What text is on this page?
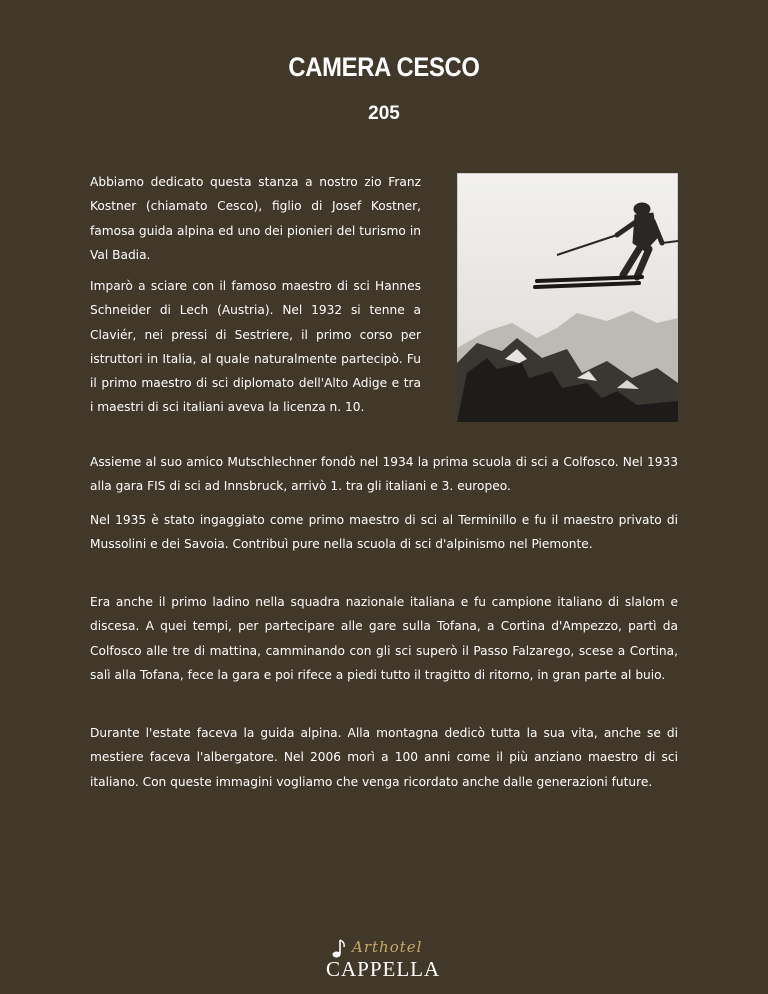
CAMERA CESCO
205

Abbiamo dedicato questa stanza a nostro zio Franz Kostner (chiamato Cesco), figlio di Josef Kostner, famosa guida alpina ed uno dei pionieri del turismo in Val Badia.

Imparò a sciare con il famoso maestro di sci Hannes Schneider di Lech (Austria). Nel 1932 si tenne a Claviér, nei pressi di Sestriere, il primo corso per istruttori in Italia, al quale naturalmente partecipò. Fu il primo maestro di sci diplomato dell'Alto Adige e tra i maestri di sci italiani aveva la licenza n. 10.

Assieme al suo amico Mutschlechner fondò nel 1934 la prima scuola di sci a Colfosco. Nel 1933 alla gara FIS di sci ad Innsbruck, arrivò 1. tra gli italiani e 3. europeo.

Nel 1935 è stato ingaggiato come primo maestro di sci al Terminillo e fu il maestro privato di Mussolini e dei Savoia. Contribuì pure nella scuola di sci d'alpinismo nel Piemonte.

Era anche il primo ladino nella squadra nazionale italiana e fu campione italiano di slalom e discesa. A quei tempi, per partecipare alle gare sulla Tofana, a Cortina d'Ampezzo, partì da Colfosco alle tre di mattina, camminando con gli sci superò il Passo Falzarego, scese a Cortina, salì alla Tofana, fece la gara e poi rifece a piedi tutto il tragitto di ritorno, in gran parte al buio.

Durante l'estate faceva la guida alpina. Alla montagna dedicò tutta la sua vita, anche se di mestiere faceva l'albergatore. Nel 2006 morì a 100 anni come il più anziano maestro di sci italiano. Con queste immagini vogliamo che venga ricordato anche dalle generazioni future.

Arthotel
CAPPELLA
